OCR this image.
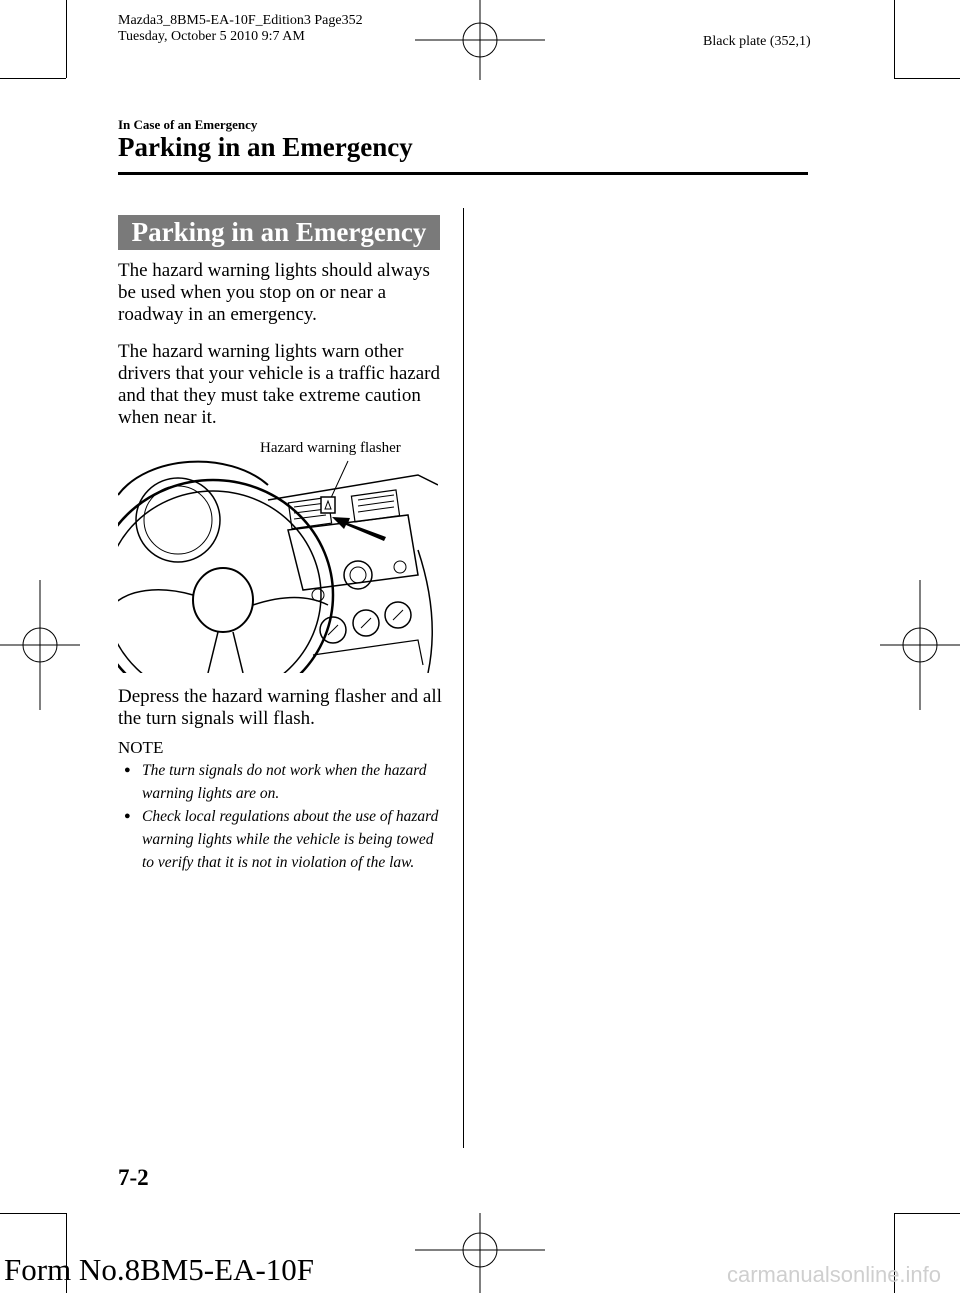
Mazda3_8BM5-EA-10F_Edition3 Page352
Tuesday, October 5 2010 9:7 AM	Black plate (352,1)
In Case of an Emergency
Parking in an Emergency
Parking in an Emergency
The hazard warning lights should always be used when you stop on or near a roadway in an emergency.
The hazard warning lights warn other drivers that your vehicle is a traffic hazard and that they must take extreme caution when near it.
Hazard warning flasher
Depress the hazard warning flasher and all the turn signals will flash.
NOTE
● The turn signals do not work when the hazard warning lights are on.
● Check local regulations about the use of hazard warning lights while the vehicle is being towed to verify that it is not in violation of the law.
7-2
Form No.8BM5-EA-10F	carmanualsonline.info
